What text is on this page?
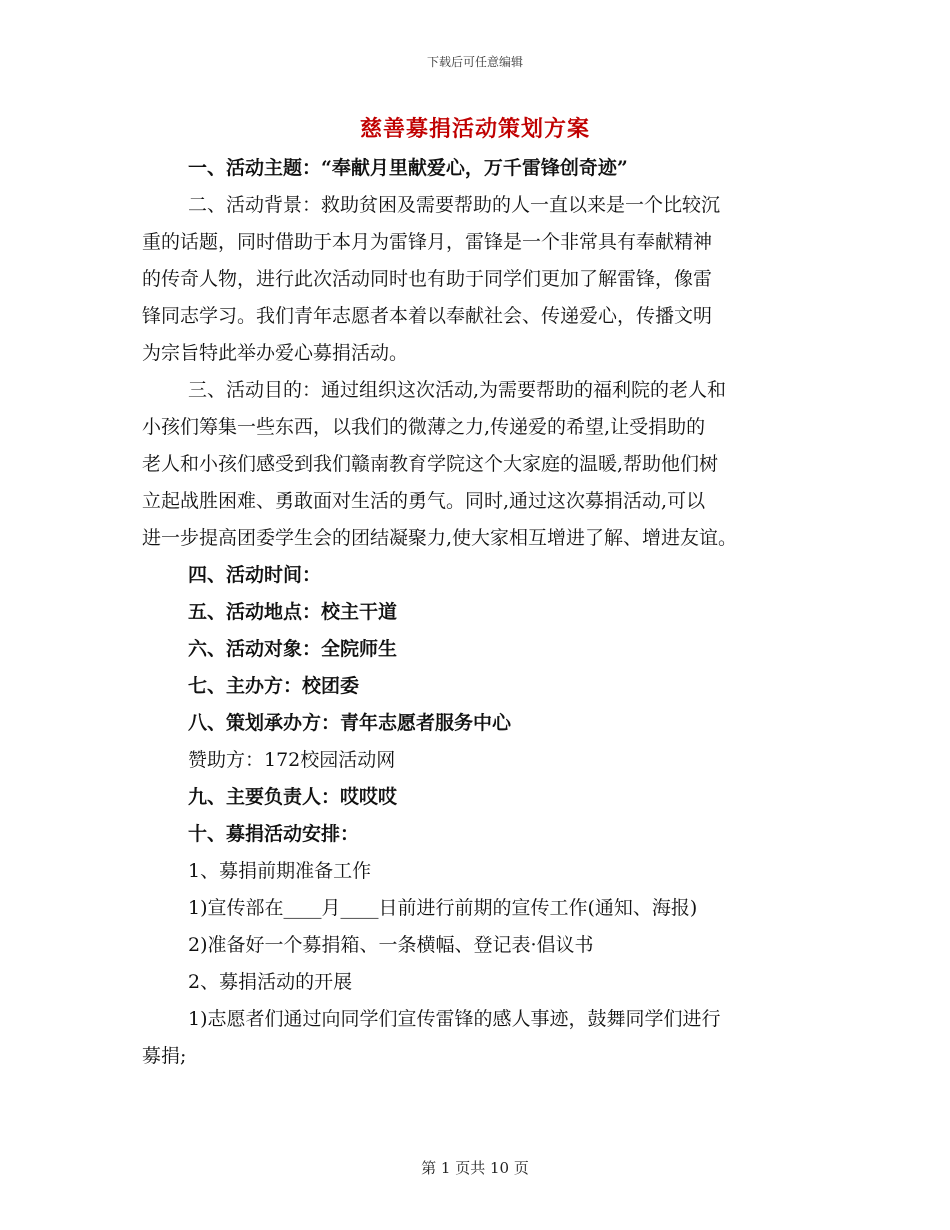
下载后可任意编辑
慈善募捐活动策划方案
一、活动主题：“奉献月里献爱心，万千雷锋创奇迹”
二、活动背景：救助贫困及需要帮助的人一直以来是一个比较沉
重的话题，同时借助于本月为雷锋月，雷锋是一个非常具有奉献精神
的传奇人物，进行此次活动同时也有助于同学们更加了解雷锋，像雷
锋同志学习。我们青年志愿者本着以奉献社会、传递爱心，传播文明
为宗旨特此举办爱心募捐活动。
三、活动目的：通过组织这次活动,为需要帮助的福利院的老人和
小孩们筹集一些东西，以我们的微薄之力,传递爱的希望,让受捐助的
老人和小孩们感受到我们赣南教育学院这个大家庭的温暖,帮助他们树
立起战胜困难、勇敢面对生活的勇气。同时,通过这次募捐活动,可以
进一步提高团委学生会的团结凝聚力,使大家相互增进了解、增进友谊。
四、活动时间：
五、活动地点：校主干道
六、活动对象：全院师生
七、主办方：校团委
八、策划承办方：青年志愿者服务中心
赞助方：172校园活动网
九、主要负责人：哎哎哎
十、募捐活动安排：
1、募捐前期准备工作
1)宣传部在____月____日前进行前期的宣传工作(通知、海报)
2)准备好一个募捐箱、一条横幅、登记表·倡议书
2、募捐活动的开展
1)志愿者们通过向同学们宣传雷锋的感人事迹，鼓舞同学们进行
募捐;
第 1 页共 10 页
